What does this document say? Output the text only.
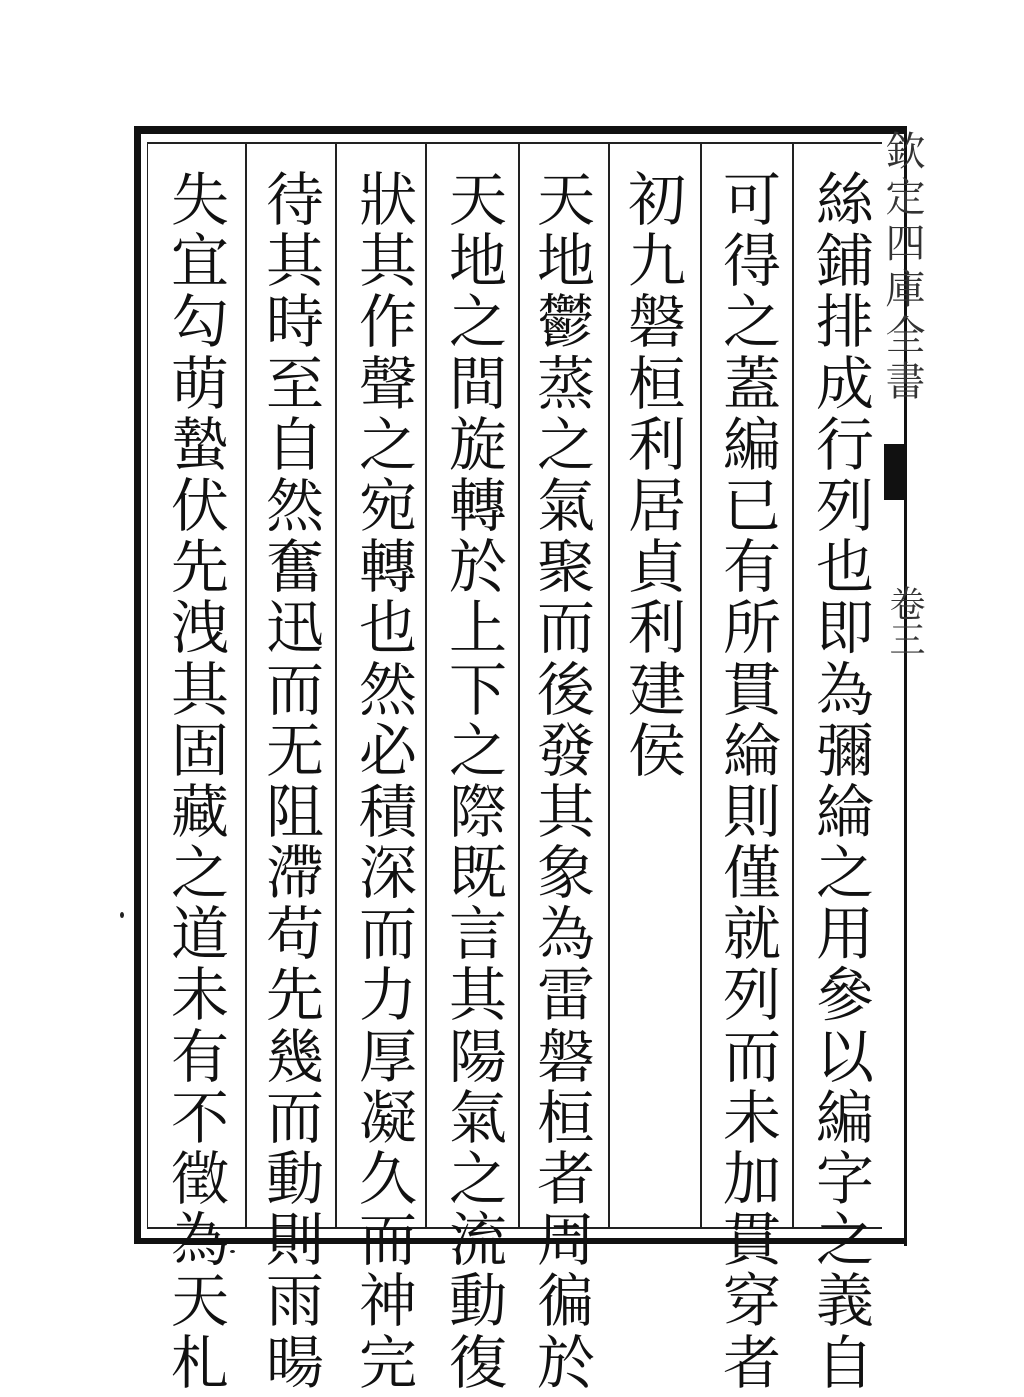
欽定四庫全書
卷三
絲
鋪
排
成
行
列
也
即
為
彌
綸
之
用
參
以
編
字
之
義
自
可
得
之
蓋
編
已
有
所
貫
綸
則
僅
就
列
而
未
加
貫
穿
者
初
九
磐
桓
利
居
貞
利
建
侯
天
地
鬱
蒸
之
氣
聚
而
後
發
其
象
為
雷
磐
桓
者
周
徧
於
天
地
之
間
旋
轉
於
上
下
之
際
既
言
其
陽
氣
之
流
動
復
狀
其
作
聲
之
宛
轉
也
然
必
積
深
而
力
厚
凝
久
而
神
完
待
其
時
至
自
然
奮
迅
而
无
阻
滯
苟
先
幾
而
動
則
雨
暘
失
宜
勾
萌
蟄
伏
先
洩
其
固
藏
之
道
未
有
不
徵
為
天
札
